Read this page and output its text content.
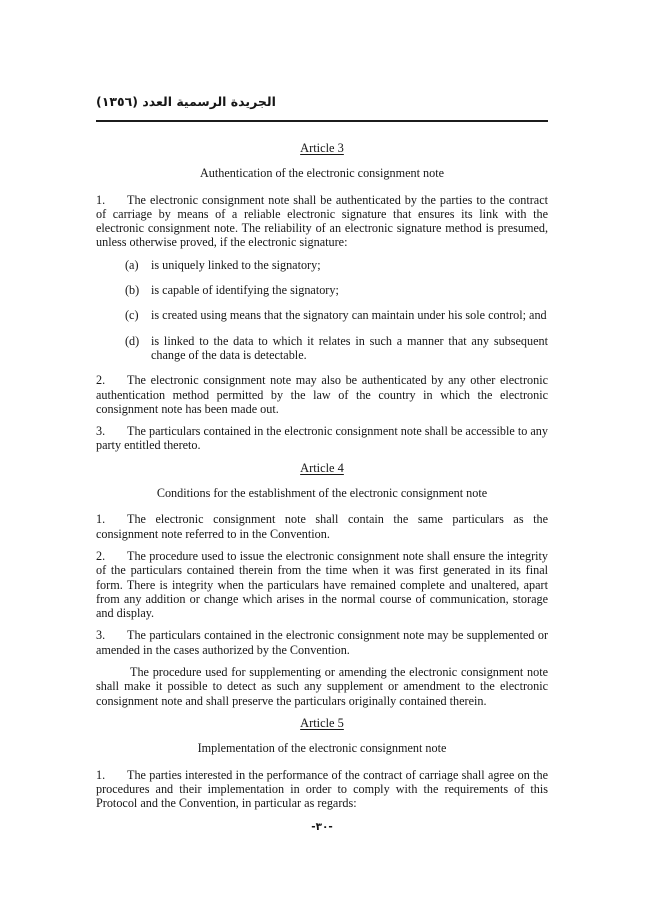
الجريدة الرسمية العدد (١٣٥٦)
Article 3
Authentication of the electronic consignment note

1. The electronic consignment note shall be authenticated by the parties to the contract of carriage by means of a reliable electronic signature that ensures its link with the electronic consignment note. The reliability of an electronic signature method is presumed, unless otherwise proved, if the electronic signature:

(a) is uniquely linked to the signatory;
(b) is capable of identifying the signatory;
(c) is created using means that the signatory can maintain under his sole control; and
(d) is linked to the data to which it relates in such a manner that any subsequent change of the data is detectable.

2. The electronic consignment note may also be authenticated by any other electronic authentication method permitted by the law of the country in which the electronic consignment note has been made out.

3. The particulars contained in the electronic consignment note shall be accessible to any party entitled thereto.

Article 4
Conditions for the establishment of the electronic consignment note

1. The electronic consignment note shall contain the same particulars as the consignment note referred to in the Convention.

2. The procedure used to issue the electronic consignment note shall ensure the integrity of the particulars contained therein from the time when it was first generated in its final form. There is integrity when the particulars have remained complete and unaltered, apart from any addition or change which arises in the normal course of communication, storage and display.

3. The particulars contained in the electronic consignment note may be supplemented or amended in the cases authorized by the Convention.

The procedure used for supplementing or amending the electronic consignment note shall make it possible to detect as such any supplement or amendment to the electronic consignment note and shall preserve the particulars originally contained therein.

Article 5
Implementation of the electronic consignment note

1. The parties interested in the performance of the contract of carriage shall agree on the procedures and their implementation in order to comply with the requirements of this Protocol and the Convention, in particular as regards:

-٣٠-
